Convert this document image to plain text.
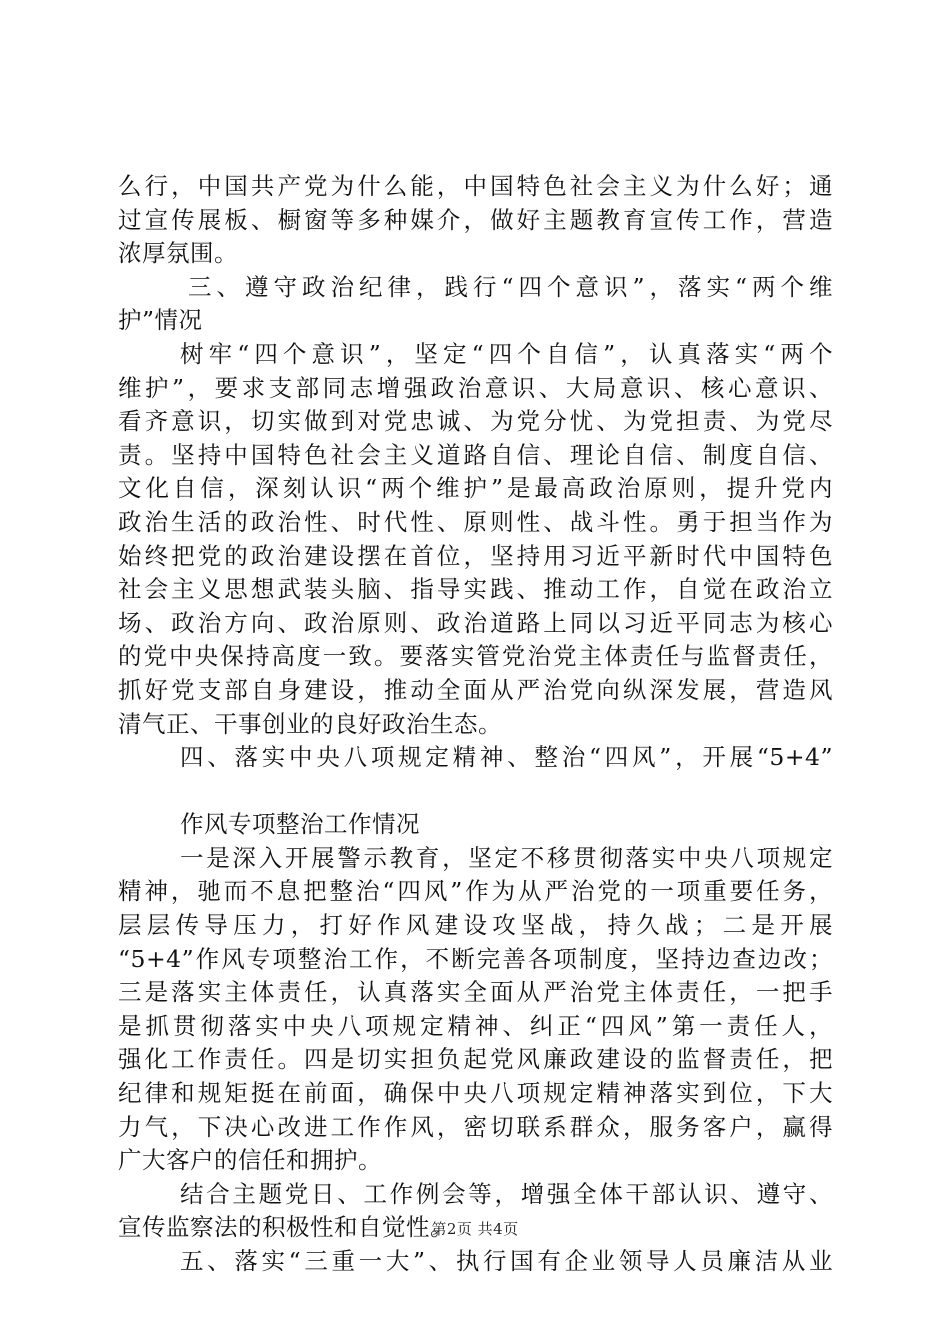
么行，中国共产党为什么能，中国特色社会主义为什么好；通
过宣传展板、橱窗等多种媒介，做好主题教育宣传工作，营造
浓厚氛围。
三、遵守政治纪律，践行“四个意识”，落实“两个维
护”情况
树牢“四个意识”，坚定“四个自信”，认真落实“两个
维护”，要求支部同志增强政治意识、大局意识、核心意识、
看齐意识，切实做到对党忠诚、为党分忧、为党担责、为党尽
责。坚持中国特色社会主义道路自信、理论自信、制度自信、
文化自信，深刻认识“两个维护”是最高政治原则，提升党内
政治生活的政治性、时代性、原则性、战斗性。勇于担当作为
始终把党的政治建设摆在首位，坚持用习近平新时代中国特色
社会主义思想武装头脑、指导实践、推动工作，自觉在政治立
场、政治方向、政治原则、政治道路上同以习近平同志为核心
的党中央保持高度一致。要落实管党治党主体责任与监督责任，
抓好党支部自身建设，推动全面从严治党向纵深发展，营造风
清气正、干事创业的良好政治生态。
四、落实中央八项规定精神、整治“四风”，开展“5+4”
作风专项整治工作情况
一是深入开展警示教育，坚定不移贯彻落实中央八项规定
精神，驰而不息把整治“四风”作为从严治党的一项重要任务，
层层传导压力，打好作风建设攻坚战，持久战；二是开展
“5+4”作风专项整治工作，不断完善各项制度，坚持边查边改；
三是落实主体责任，认真落实全面从严治党主体责任，一把手
是抓贯彻落实中央八项规定精神、纠正“四风”第一责任人，
强化工作责任。四是切实担负起党风廉政建设的监督责任，把
纪律和规矩挺在前面，确保中央八项规定精神落实到位，下大
力气，下决心改进工作作风，密切联系群众，服务客户，赢得
广大客户的信任和拥护。
结合主题党日、工作例会等，增强全体干部认识、遵守、
宣传监察法的积极性和自觉性。
五、落实“三重一大”、执行国有企业领导人员廉洁从业
第2页 共4页
